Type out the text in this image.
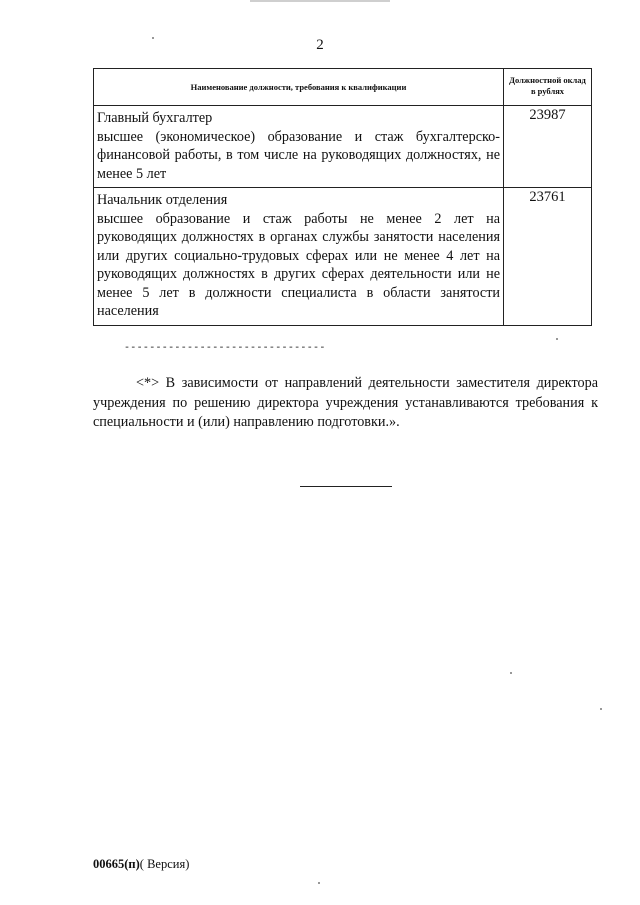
2
Наименование должности, требования к квалификации
Должностной оклад в рублях
Главный бухгалтер
высшее (экономическое) образование и стаж бухгалтерско-финансовой работы, в том числе на руководящих должностях, не менее 5 лет
23987
Начальник отделения
высшее образование и стаж работы не менее 2 лет на руководящих должностях в органах службы занятости населения или других социально-трудовых сферах или не менее 4 лет на руководящих должностях в других сферах деятельности или не менее 5 лет в должности специалиста в области занятости населения
23761
--------------------------------
<*> В зависимости от направлений деятельности заместителя директора учреждения по решению директора учреждения устанавливаются требования к специальности и (или) направлению подготовки.».
00665(п)( Версия)
